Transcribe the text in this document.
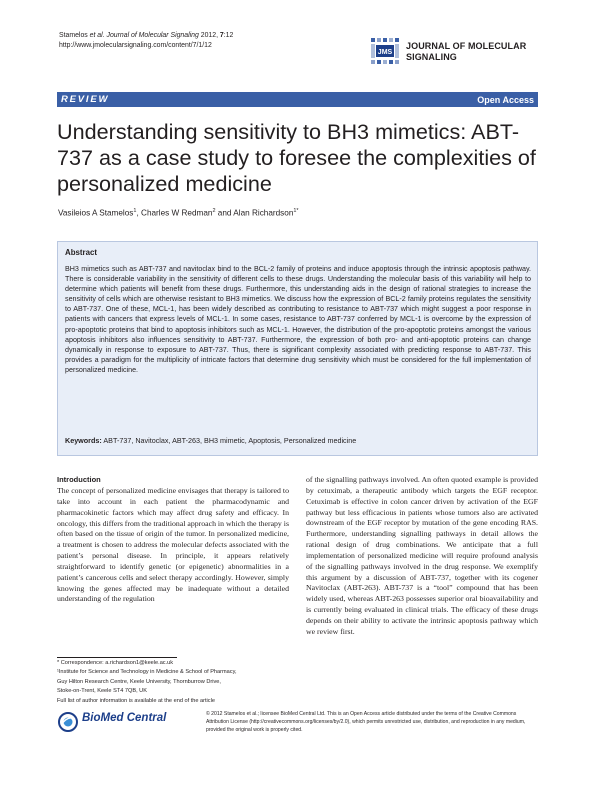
Stamelos et al. Journal of Molecular Signaling 2012, 7:12
http://www.jmolecularsignaling.com/content/7/1/12
JMS
JOURNAL OF MOLECULAR SIGNALING
REVIEW	Open Access
Understanding sensitivity to BH3 mimetics: ABT-737 as a case study to foresee the complexities of personalized medicine
Vasileios A Stamelos$^1$, Charles W Redman$^2$ and Alan Richardson$^{1*}$
Abstract
BH3 mimetics such as ABT-737 and navitoclax bind to the BCL-2 family of proteins and induce apoptosis through the intrinsic apoptosis pathway. There is considerable variability in the sensitivity of different cells to these drugs. Understanding the molecular basis of this variability will help to determine which patients will benefit from these drugs. Furthermore, this understanding aids in the design of rational strategies to increase the sensitivity of cells which are otherwise resistant to BH3 mimetics. We discuss how the expression of BCL-2 family proteins regulates the sensitivity to ABT-737. One of these, MCL-1, has been widely described as contributing to resistance to ABT-737 which might suggest a poor response in patients with cancers that express levels of MCL-1. In some cases, resistance to ABT-737 conferred by MCL-1 is overcome by the expression of pro-apoptotic proteins that bind to apoptosis inhibitors such as MCL-1. However, the distribution of the pro-apoptotic proteins amongst the various apoptosis inhibitors also influences sensitivity to ABT-737. Furthermore, the expression of both pro- and anti-apoptotic proteins can change dynamically in response to exposure to ABT-737. Thus, there is significant complexity associated with predicting response to ABT-737. This provides a paradigm for the multiplicity of intricate factors that determine drug sensitivity which must be considered for the full implementation of personalized medicine.
Keywords: ABT-737, Navitoclax, ABT-263, BH3 mimetic, Apoptosis, Personalized medicine
Introduction
The concept of personalized medicine envisages that therapy is tailored to take into account in each patient the pharmacodynamic and pharmacokinetic factors which may affect drug safety and efficacy. In oncology, this differs from the traditional approach in which the therapy is often based on the tissue of origin of the tumor. In personalized medicine, a treatment is chosen to address the molecular defects associated with the patient’s personal disease. In principle, it appears relatively straightforward to identify genetic (or epigenetic) abnormalities in a patient’s cancerous cells and select therapy accordingly. However, simply knowing the genes affected may be inadequate without a detailed understanding of the regulation
of the signalling pathways involved. An often quoted example is provided by cetuximab, a therapeutic antibody which targets the EGF receptor. Cetuximab is effective in colon cancer driven by activation of the EGF pathway but less efficacious in patients whose tumors also are activated downstream of the EGF receptor by mutation of the gene encoding RAS. Furthermore, understanding signalling pathways in detail allows the rational design of drug combinations. We anticipate that a full implementation of personalized medicine will require profound analysis of the signalling pathways involved in the drug response. We exemplify this argument by a discussion of ABT-737, together with its cogener Navitoclax (ABT-263). ABT-737 is a “tool” compound that has been widely used, whereas ABT-263 possesses superior oral bioavailability and is currently being evaluated in clinical trials. The efficacy of these drugs depends on their ability to activate the intrinsic apoptosis pathway which we review first.
* Correspondence: a.richardson1@keele.ac.uk
¹Institute for Science and Technology in Medicine & School of Pharmacy,
Guy Hilton Research Centre, Keele University, Thornburrow Drive,
Stoke-on-Trent, Keele ST4 7QB, UK
Full list of author information is available at the end of the article
BioMed Central	© 2012 Stamelos et al.; licensee BioMed Central Ltd. This is an Open Access article distributed under the terms of the Creative Commons Attribution License (http://creativecommons.org/licenses/by/2.0), which permits unrestricted use, distribution, and reproduction in any medium, provided the original work is properly cited.
